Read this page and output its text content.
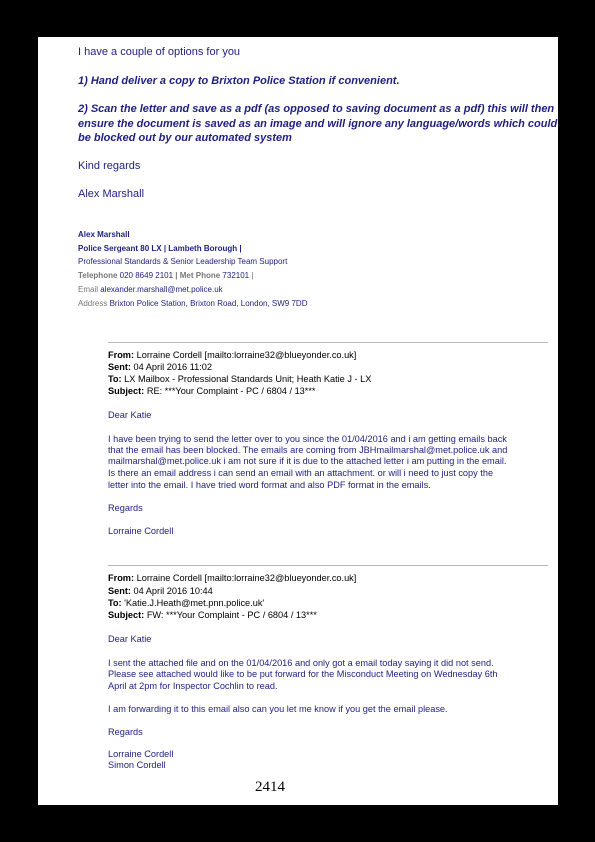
I have a couple of options for you
1) Hand deliver a copy to Brixton Police Station if convenient.
2) Scan the letter and save as a pdf (as opposed to saving document as a pdf) this will then
ensure the document is saved as an image and will ignore any language/words which could
be blocked out by our automated system
Kind regards
Alex Marshall
Alex Marshall
Police Sergeant 80 LX | Lambeth Borough |
Professional Standards & Senior Leadership Team Support
Telephone 020 8649 2101 | Met Phone 732101 |
Email alexander.marshall@met.police.uk
Address Brixton Police Station, Brixton Road, London, SW9 7DD
From: Lorraine Cordell [mailto:lorraine32@blueyonder.co.uk]
Sent: 04 April 2016 11:02
To: LX Mailbox - Professional Standards Unit; Heath Katie J - LX
Subject: RE: ***Your Complaint - PC / 6804 / 13***
Dear Katie
I have been trying to send the letter over to you since the 01/04/2016 and i am getting emails back
that the email has been blocked. The emails are coming from JBHmailmarshal@met.police.uk and
mailmarshal@met.police.uk i am not sure if it is due to the attached letter i am putting in the email.
Is there an email address i can send an email with an attachment. or will i need to just copy the
letter into the email. I have tried word format and also PDF format in the emails.
Regards
Lorraine Cordell
From: Lorraine Cordell [mailto:lorraine32@blueyonder.co.uk]
Sent: 04 April 2016 10:44
To: 'Katie.J.Heath@met.pnn.police.uk'
Subject: FW: ***Your Complaint - PC / 6804 / 13***
Dear Katie
I sent the attached file and on the 01/04/2016 and only got a email today saying it did not send.
Please see attached would like to be put forward for the Misconduct Meeting on Wednesday 6th
April at 2pm for Inspector Cochlin to read.
I am forwarding it to this email also can you let me know if you get the email please.
Regards
Lorraine Cordell
Simon Cordell
2414
